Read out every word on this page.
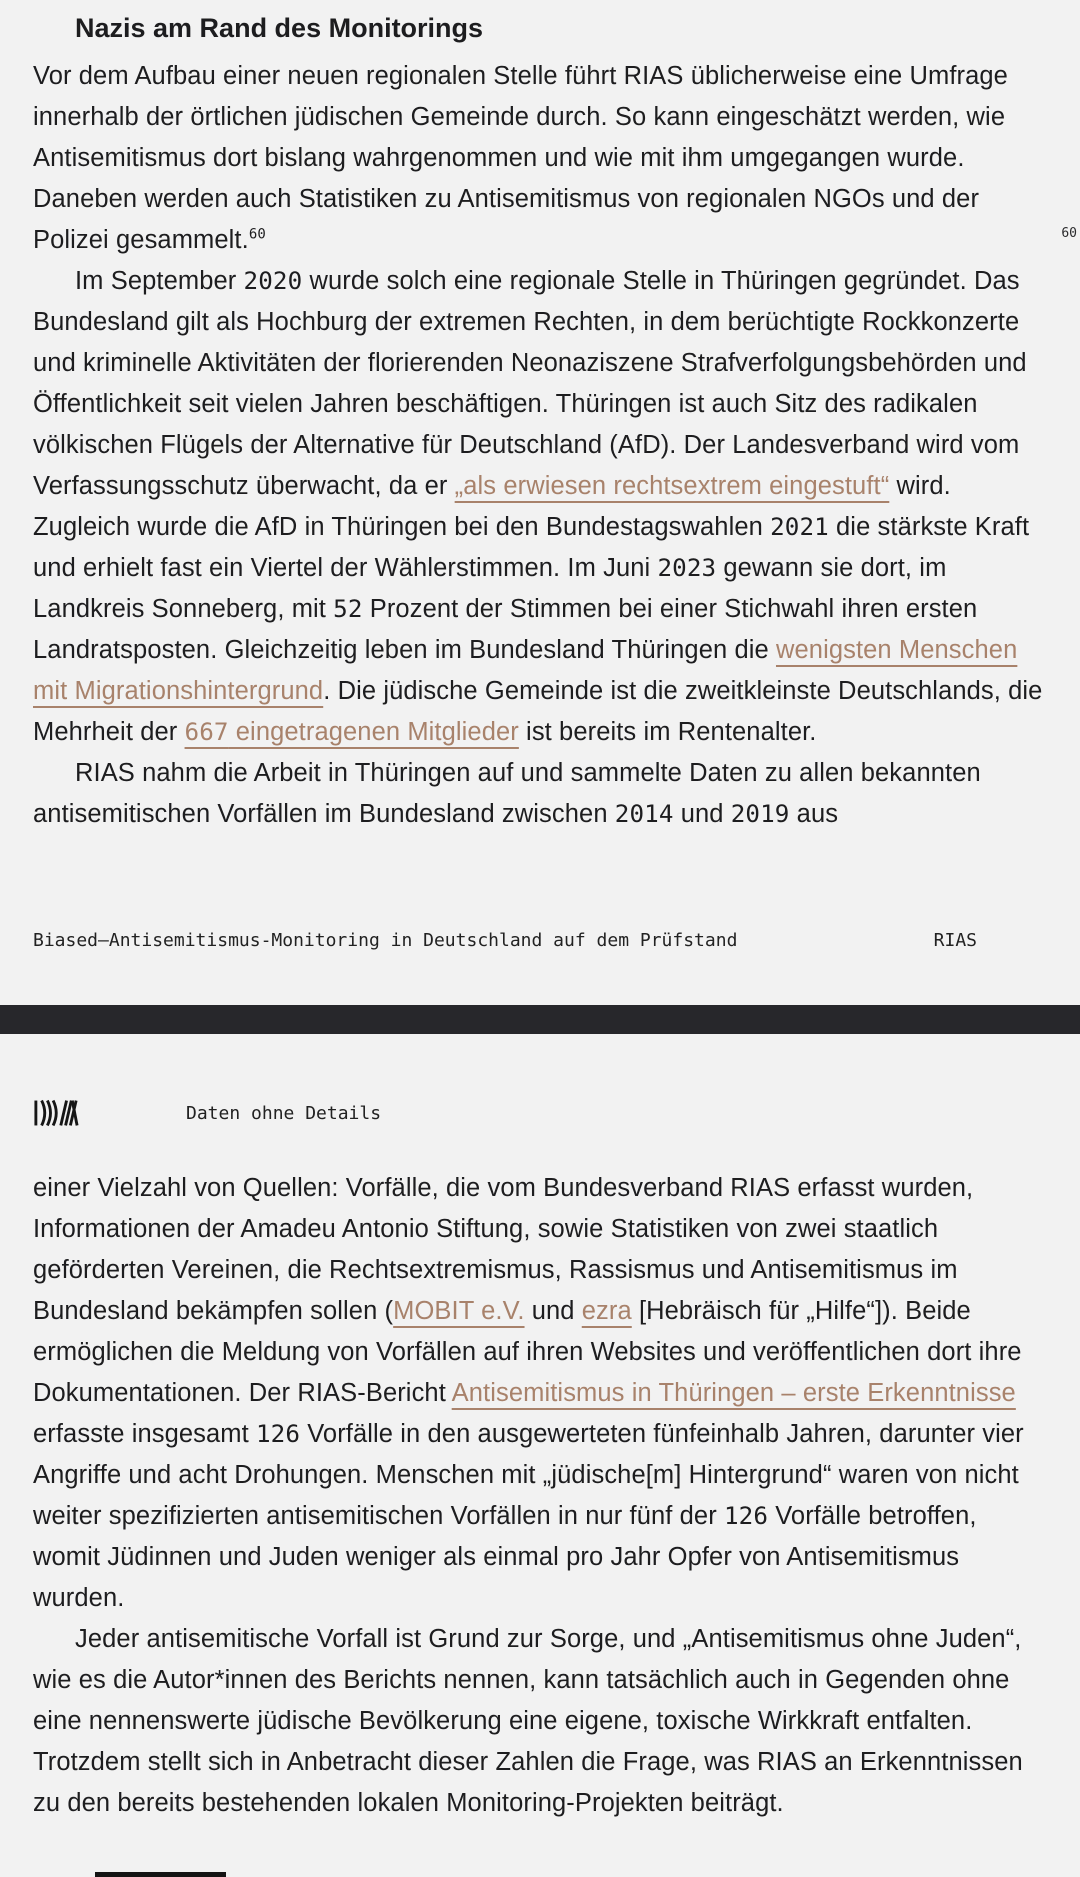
Nazis am Rand des Monitorings

Vor dem Aufbau einer neuen regionalen Stelle führt RIAS üblicherweise eine Umfrage innerhalb der örtlichen jüdischen Gemeinde durch. So kann eingeschätzt werden, wie Antisemitismus dort bislang wahrgenommen und wie mit ihm umgegangen wurde. Daneben werden auch Statistiken zu Antisemitismus von regionalen NGOs und der Polizei gesammelt.$^{60}$

Im September 2020 wurde solch eine regionale Stelle in Thüringen gegründet. Das Bundesland gilt als Hochburg der extremen Rechten, in dem berüchtigte Rockkonzerte und kriminelle Aktivitäten der florierenden Neonaziszene Strafverfolgungsbehörden und Öffentlichkeit seit vielen Jahren beschäftigen. Thüringen ist auch Sitz des radikalen völkischen Flügels der Alternative für Deutschland (AfD). Der Landesverband wird vom Verfassungsschutz überwacht, da er „als erwiesen rechtsextrem eingestuft“ wird. Zugleich wurde die AfD in Thüringen bei den Bundestagswahlen 2021 die stärkste Kraft und erhielt fast ein Viertel der Wählerstimmen. Im Juni 2023 gewann sie dort, im Landkreis Sonneberg, mit 52 Prozent der Stimmen bei einer Stichwahl ihren ersten Landratsposten. Gleichzeitig leben im Bundesland Thüringen die wenigsten Menschen mit Migrationshintergrund. Die jüdische Gemeinde ist die zweitkleinste Deutschlands, die Mehrheit der 667 eingetragenen Mitglieder ist bereits im Rentenalter.

RIAS nahm die Arbeit in Thüringen auf und sammelte Daten zu allen bekannten antisemitischen Vorfällen im Bundesland zwischen 2014 und 2019 aus

60
Biased—Antisemitismus-Monitoring in Deutschland auf dem Prüfstand	RIAS
Daten ohne Details

einer Vielzahl von Quellen: Vorfälle, die vom Bundesverband RIAS erfasst wurden, Informationen der Amadeu Antonio Stiftung, sowie Statistiken von zwei staatlich geförderten Vereinen, die Rechtsextremismus, Rassismus und Antisemitismus im Bundesland bekämpfen sollen (MOBIT e.V. und ezra [Hebräisch für „Hilfe“]). Beide ermöglichen die Meldung von Vorfällen auf ihren Websites und veröffentlichen dort ihre Dokumentationen. Der RIAS-Bericht Antisemitismus in Thüringen – erste Erkenntnisse erfasste insgesamt 126 Vorfälle in den ausgewerteten fünfeinhalb Jahren, darunter vier Angriffe und acht Drohungen. Menschen mit „jüdische[m] Hintergrund“ waren von nicht weiter spezifizierten antisemitischen Vorfällen in nur fünf der 126 Vorfälle betroffen, womit Jüdinnen und Juden weniger als einmal pro Jahr Opfer von Antisemitismus wurden.

Jeder antisemitische Vorfall ist Grund zur Sorge, und „Antisemitismus ohne Juden“, wie es die Autor*innen des Berichts nennen, kann tatsächlich auch in Gegenden ohne eine nennenswerte jüdische Bevölkerung eine eigene, toxische Wirkkraft entfalten. Trotzdem stellt sich in Anbetracht dieser Zahlen die Frage, was RIAS an Erkenntnissen zu den bereits bestehenden lokalen Monitoring-Projekten beiträgt.
